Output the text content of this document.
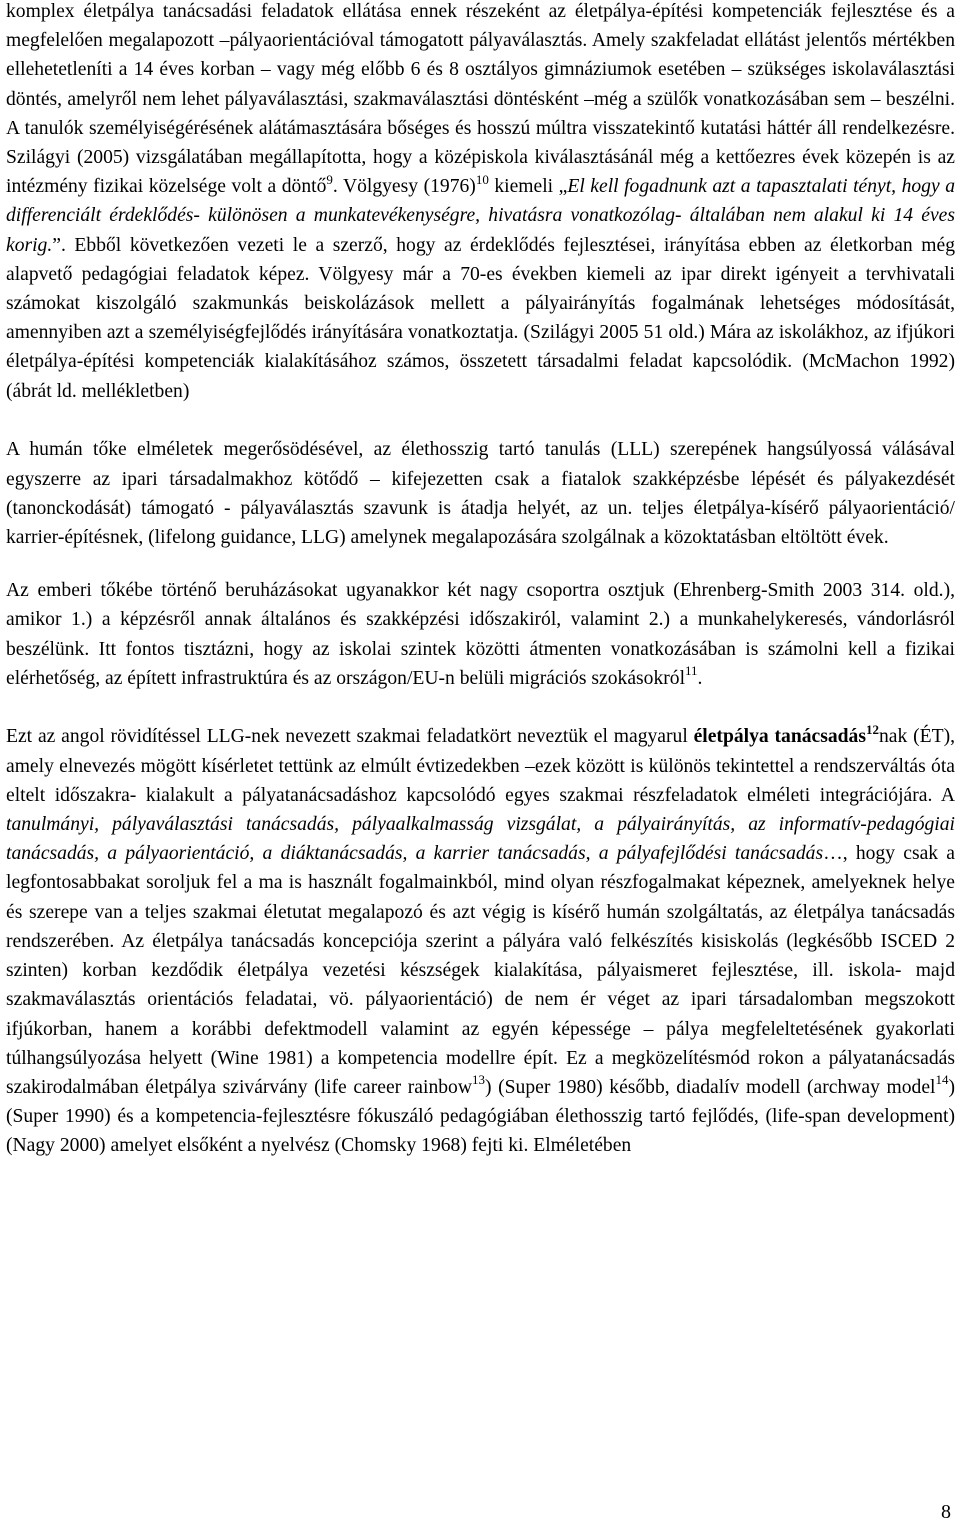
komplex életpálya tanácsadási feladatok ellátása ennek részeként az életpálya-építési kompetenciák fejlesztése és a megfelelően megalapozott –pályaorientációval támogatott pályaválasztás. Amely szakfeladat ellátást jelentős mértékben ellehetetleníti a 14 éves korban – vagy még előbb 6 és 8 osztályos gimnáziumok esetében – szükséges iskolaválasztási döntés, amelyről nem lehet pályaválasztási, szakmaválasztási döntésként –még a szülők vonatkozásában sem – beszélni. A tanulók személyiségérésének alátámasztására bőséges és hosszú múltra visszatekintő kutatási háttér áll rendelkezésre. Szilágyi (2005) vizsgálatában megállapította, hogy a középiskola kiválasztásánál még a kettőezres évek közepén is az intézmény fizikai közelsége volt a döntő$^9$. Völgyesy $(1976)^{10}$ kiemeli „El kell fogadnunk azt a tapasztalati tényt, hogy a differenciált érdeklődés- különösen a munkatevékenységre, hivatásra vonatkozólag- általában nem alakul ki 14 éves korig.”. Ebből következően vezeti le a szerző, hogy az érdeklődés fejlesztései, irányítása ebben az életkorban még alapvető pedagógiai feladatok képez. Völgyesy már a 70-es években kiemeli az ipar direkt igényeit a tervhivatali számokat kiszolgáló szakmunkás beiskolázások mellett a pályairányítás fogalmának lehetséges módosítását, amennyiben azt a személyiségfejlődés irányítására vonatkoztatja. (Szilágyi 2005 51 old.) Mára az iskolákhoz, az ifjúkori életpálya-építési kompetenciák kialakításához számos, összetett társadalmi feladat kapcsolódik. (McMachon 1992) (ábrát ld. mellékletben)

A humán tőke elméletek megerősödésével, az élethosszig tartó tanulás (LLL) szerepének hangsúlyossá válásával egyszerre az ipari társadalmakhoz kötődő – kifejezetten csak a fiatalok szakképzésbe lépését és pályakezdését (tanonckodását) támogató - pályaválasztás szavunk is átadja helyét, az un. teljes életpálya-kísérő pályaorientáció/ karrier-építésnek, (lifelong guidance, LLG) amelynek megalapozására szolgálnak a közoktatásban eltöltött évek.

Az emberi tőkébe történő beruházásokat ugyanakkor két nagy csoportra osztjuk (Ehrenberg-Smith 2003 314. old.), amikor 1.) a képzésről annak általános és szakképzési időszakiról, valamint 2.) a munkahelykeresés, vándorlásról beszélünk. Itt fontos tisztázni, hogy az iskolai szintek közötti átmenten vonatkozásában is számolni kell a fizikai elérhetőség, az épített infrastruktúra és az országon/EU-n belüli migrációs szokásokról$^{11}$.

Ezt az angol rövidítéssel LLG-nek nevezett szakmai feladatkört neveztük el magyarul életpálya tanácsadás$^{12}$nak (ÉT), amely elnevezés mögött kísérletet tettünk az elmúlt évtizedekben –ezek között is különös tekintettel a rendszerváltás óta eltelt időszakra- kialakult a pályatanácsadáshoz kapcsolódó egyes szakmai részfeladatok elméleti integrációjára. A tanulmányi, pályaválasztási tanácsadás, pályaalkalmasság vizsgálat, a pályairányítás, az informatív-pedagógiai tanácsadás, a pályaorientáció, a diáktanácsadás, a karrier tanácsadás, a pályafejlődési tanácsadás…, hogy csak a legfontosabbakat soroljuk fel a ma is használt fogalmainkból, mind olyan részfogalmakat képeznek, amelyeknek helye és szerepe van a teljes szakmai életutat megalapozó és azt végig is kísérő humán szolgáltatás, az életpálya tanácsadás rendszerében. Az életpálya tanácsadás koncepciója szerint a pályára való felkészítés kisiskolás (legkésőbb ISCED 2 szinten) korban kezdődik életpálya vezetési készségek kialakítása, pályaismeret fejlesztése, ill. iskola- majd szakmaválasztás orientációs feladatai, vö. pályaorientáció) de nem ér véget az ipari társadalomban megszokott ifjúkorban, hanem a korábbi defektmodell valamint az egyén képessége – pálya megfeleltetésének gyakorlati túlhangsúlyozása helyett (Wine 1981) a kompetencia modellre épít. Ez a megközelítésmód rokon a pályatanácsadás szakirodalmában életpálya szivárvány (life career rainbow$^{13}$) (Super 1980) később, diadalív modell (archway model$^{14}$) (Super 1990) és a kompetencia-fejlesztésre fókuszáló pedagógiában élethosszig tartó fejlődés, (life-span development) (Nagy 2000) amelyet elsőként a nyelvész (Chomsky 1968) fejti ki. Elméletében

8
